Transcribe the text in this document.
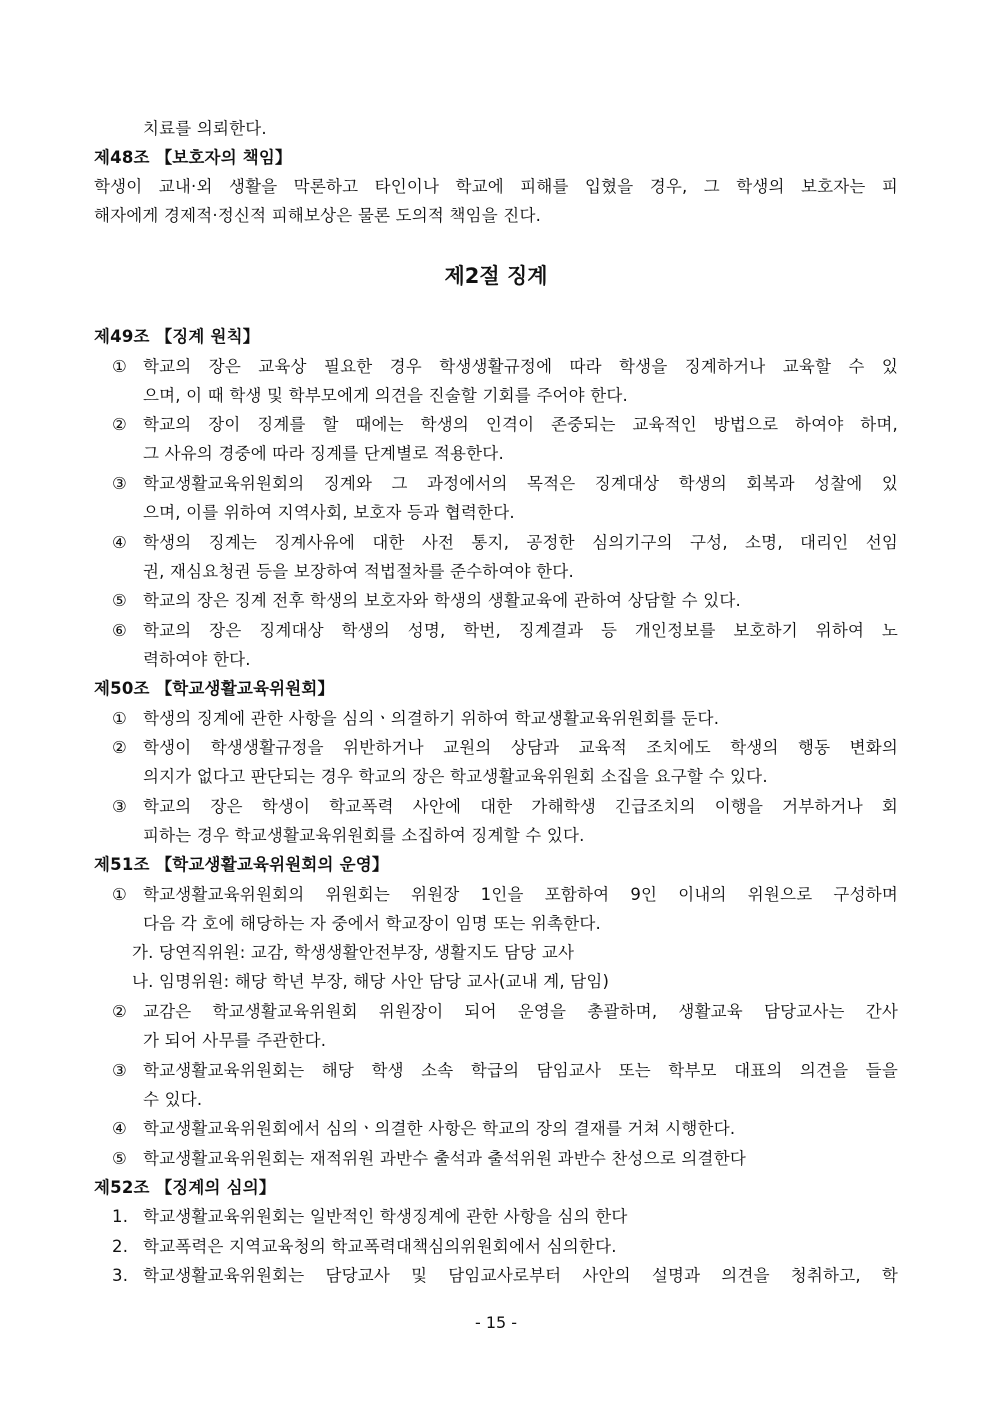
치료를 의뢰한다.
제48조 【보호자의 책임】
학생이 교내·외 생활을 막론하고 타인이나 학교에 피해를 입혔을 경우, 그 학생의 보호자는 피
해자에게 경제적·정신적 피해보상은 물론 도의적 책임을 진다.
제2절 징계
제49조 【징계 원칙】
① 학교의 장은 교육상 필요한 경우 학생생활규정에 따라 학생을 징계하거나 교육할 수 있
으며, 이 때 학생 및 학부모에게 의견을 진술할 기회를 주어야 한다.
② 학교의 장이 징계를 할 때에는 학생의 인격이 존중되는 교육적인 방법으로 하여야 하며,
그 사유의 경중에 따라 징계를 단계별로 적용한다.
③ 학교생활교육위원회의 징계와 그 과정에서의 목적은 징계대상 학생의 회복과 성찰에 있
으며, 이를 위하여 지역사회, 보호자 등과 협력한다.
④ 학생의 징계는 징계사유에 대한 사전 통지, 공정한 심의기구의 구성, 소명, 대리인 선임
권, 재심요청권 등을 보장하여 적법절차를 준수하여야 한다.
⑤ 학교의 장은 징계 전후 학생의 보호자와 학생의 생활교육에 관하여 상담할 수 있다.
⑥ 학교의 장은 징계대상 학생의 성명, 학번, 징계결과 등 개인정보를 보호하기 위하여 노
력하여야 한다.
제50조 【학교생활교육위원회】
① 학생의 징계에 관한 사항을 심의ㆍ의결하기 위하여 학교생활교육위원회를 둔다.
② 학생이 학생생활규정을 위반하거나 교원의 상담과 교육적 조치에도 학생의 행동 변화의
의지가 없다고 판단되는 경우 학교의 장은 학교생활교육위원회 소집을 요구할 수 있다.
③ 학교의 장은 학생이 학교폭력 사안에 대한 가해학생 긴급조치의 이행을 거부하거나 회
피하는 경우 학교생활교육위원회를 소집하여 징계할 수 있다.
제51조 【학교생활교육위원회의 운영】
① 학교생활교육위원회의 위원회는 위원장 1인을 포함하여 9인 이내의 위원으로 구성하며
다음 각 호에 해당하는 자 중에서 학교장이 임명 또는 위촉한다.
가. 당연직위원: 교감, 학생생활안전부장, 생활지도 담당 교사
나. 임명위원: 해당 학년 부장, 해당 사안 담당 교사(교내 계, 담임)
② 교감은 학교생활교육위원회 위원장이 되어 운영을 총괄하며, 생활교육 담당교사는 간사
가 되어 사무를 주관한다.
③ 학교생활교육위원회는 해당 학생 소속 학급의 담임교사 또는 학부모 대표의 의견을 들을
수 있다.
④ 학교생활교육위원회에서 심의ㆍ의결한 사항은 학교의 장의 결재를 거쳐 시행한다.
⑤ 학교생활교육위원회는 재적위원 과반수 출석과 출석위원 과반수 찬성으로 의결한다
제52조 【징계의 심의】
1. 학교생활교육위원회는 일반적인 학생징계에 관한 사항을 심의 한다
2. 학교폭력은 지역교육청의 학교폭력대책심의위원회에서 심의한다.
3. 학교생활교육위원회는 담당교사 및 담임교사로부터 사안의 설명과 의견을 청취하고, 학
- 15 -
